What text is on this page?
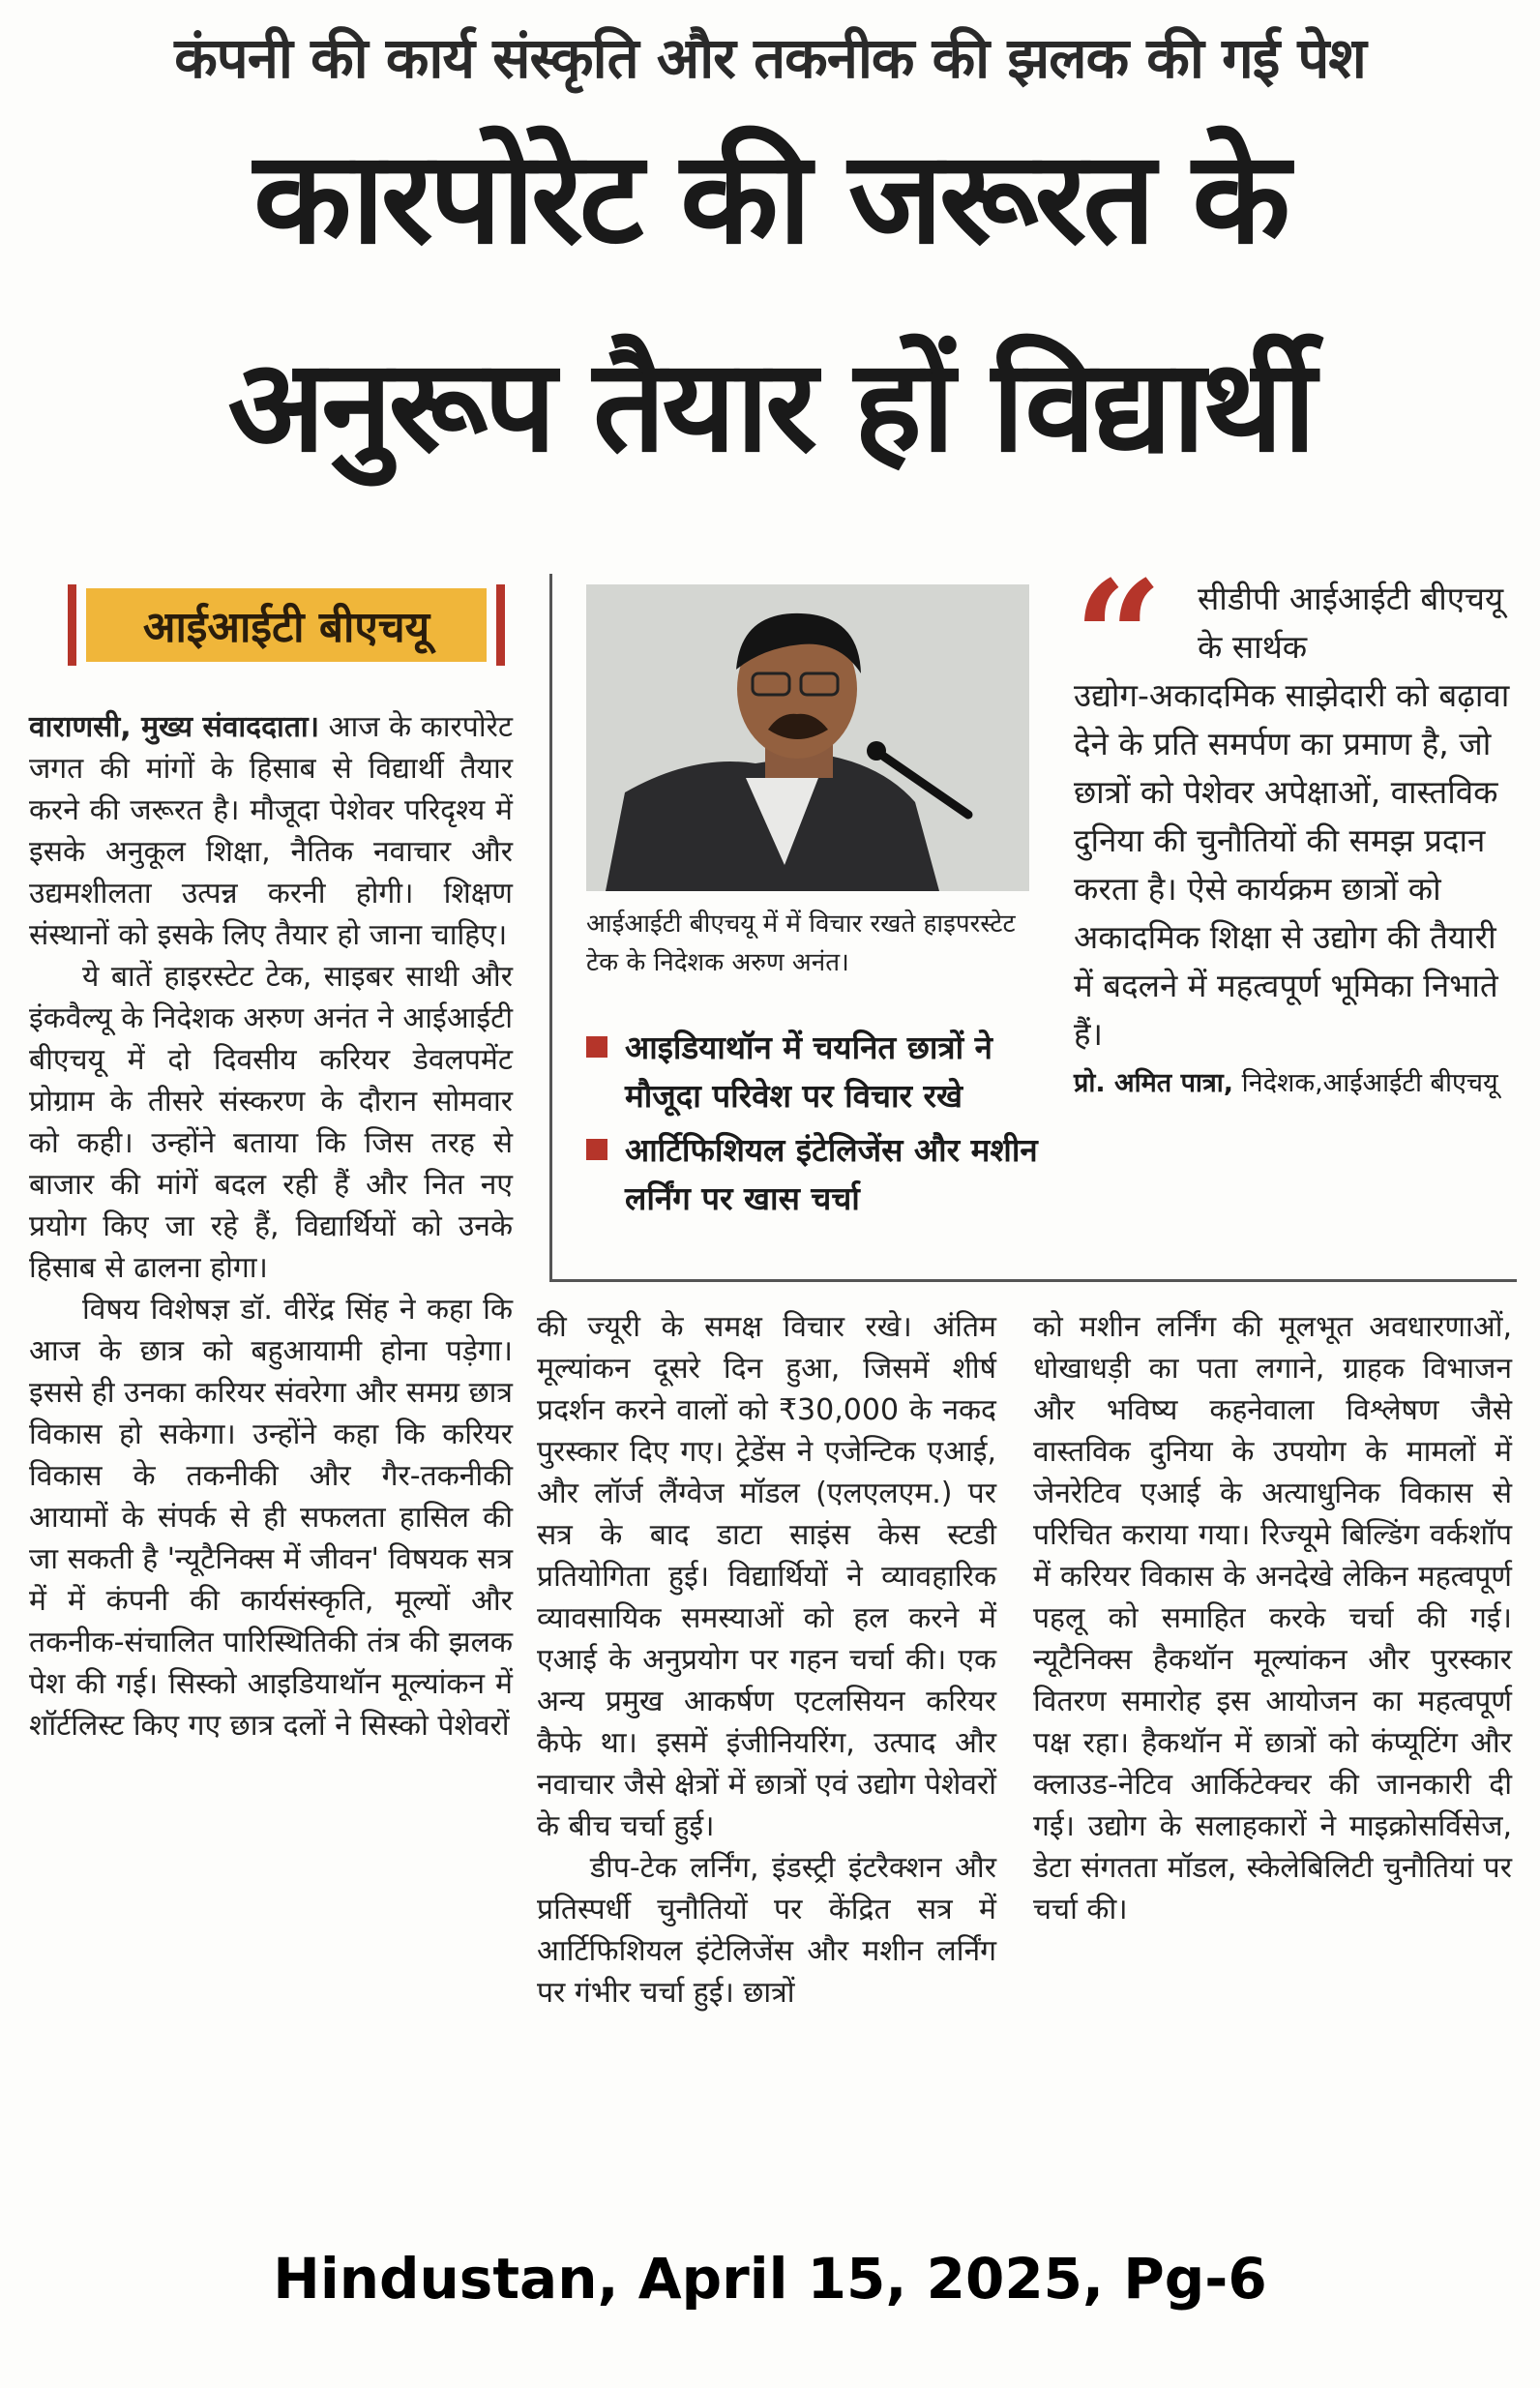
कंपनी की कार्य संस्कृति और तकनीक की झलक की गई पेश
कारपोरेट की जरूरत के
अनुरूप तैयार हों विद्यार्थी
आईआईटी बीएचयू

वाराणसी, मुख्य संवाददाता। आज के कारपोरेट जगत की मांगों के हिसाब से विद्यार्थी तैयार करने की जरूरत है। मौजूदा पेशेवर परिदृश्य में इसके अनुकूल शिक्षा, नैतिक नवाचार और उद्यमशीलता उत्पन्न करनी होगी। शिक्षण संस्थानों को इसके लिए तैयार हो जाना चाहिए।

ये बातें हाइरस्टेट टेक, साइबर साथी और इंकवैल्यू के निदेशक अरुण अनंत ने आईआईटी बीएचयू में दो दिवसीय करियर डेवलपमेंट प्रोग्राम के तीसरे संस्करण के दौरान सोमवार को कही। उन्होंने बताया कि जिस तरह से बाजार की मांगें बदल रही हैं और नित नए प्रयोग किए जा रहे हैं, विद्यार्थियों को उनके हिसाब से ढालना होगा।

विषय विशेषज्ञ डॉ. वीरेंद्र सिंह ने कहा कि आज के छात्र को बहुआयामी होना पड़ेगा। इससे ही उनका करियर संवरेगा और समग्र छात्र विकास हो सकेगा। उन्होंने कहा कि करियर विकास के तकनीकी और गैर-तकनीकी आयामों के संपर्क से ही सफलता हासिल की जा सकती है 'न्यूटैनिक्स में जीवन' विषयक सत्र में में कंपनी की कार्यसंस्कृति, मूल्यों और तकनीक-संचालित पारिस्थितिकी तंत्र की झलक पेश की गई। सिस्को आइडियाथॉन मूल्यांकन में शॉर्टलिस्ट किए गए छात्र दलों ने सिस्को पेशेवरों

आईआईटी बीएचयू में में विचार रखते हाइपरस्टेट टेक के निदेशक अरुण अनंत।
आइडियाथॉन में चयनित छात्रों ने मौजूदा परिवेश पर विचार रखे
आर्टिफिशियल इंटेलिजेंस और मशीन लर्निंग पर खास चर्चा
“	सीडीपी आईआईटी बीएचयू के सार्थक
उद्योग-अकादमिक साझेदारी को बढ़ावा देने के प्रति समर्पण का प्रमाण है, जो छात्रों को पेशेवर अपेक्षाओं, वास्तविक दुनिया की चुनौतियों की समझ प्रदान करता है। ऐसे कार्यक्रम छात्रों को अकादमिक शिक्षा से उद्योग की तैयारी में बदलने में महत्वपूर्ण भूमिका निभाते हैं।
प्रो. अमित पात्रा, निदेशक,आईआईटी बीएचयू

की ज्यूरी के समक्ष विचार रखे। अंतिम मूल्यांकन दूसरे दिन हुआ, जिसमें शीर्ष प्रदर्शन करने वालों को ₹30,000 के नकद पुरस्कार दिए गए। ट्रेडेंस ने एजेन्टिक एआई, और लॉर्ज लैंग्वेज मॉडल (एलएलएम.) पर सत्र के बाद डाटा साइंस केस स्टडी प्रतियोगिता हुई। विद्यार्थियों ने व्यावहारिक व्यावसायिक समस्याओं को हल करने में एआई के अनुप्रयोग पर गहन चर्चा की। एक अन्य प्रमुख आकर्षण एटलसियन करियर कैफे था। इसमें इंजीनियरिंग, उत्पाद और नवाचार जैसे क्षेत्रों में छात्रों एवं उद्योग पेशेवरों के बीच चर्चा हुई।

डीप-टेक लर्निंग, इंडस्ट्री इंटरैक्शन और प्रतिस्पर्धी चुनौतियों पर केंद्रित सत्र में आर्टिफिशियल इंटेलिजेंस और मशीन लर्निंग पर गंभीर चर्चा हुई। छात्रों

को मशीन लर्निंग की मूलभूत अवधारणाओं, धोखाधड़ी का पता लगाने, ग्राहक विभाजन और भविष्य कहनेवाला विश्लेषण जैसे वास्तविक दुनिया के उपयोग के मामलों में जेनरेटिव एआई के अत्याधुनिक विकास से परिचित कराया गया। रिज्यूमे बिल्डिंग वर्कशॉप में करियर विकास के अनदेखे लेकिन महत्वपूर्ण पहलू को समाहित करके चर्चा की गई। न्यूटैनिक्स हैकथॉन मूल्यांकन और पुरस्कार वितरण समारोह इस आयोजन का महत्वपूर्ण पक्ष रहा। हैकथॉन में छात्रों को कंप्यूटिंग और क्लाउड-नेटिव आर्किटेक्चर की जानकारी दी गई। उद्योग के सलाहकारों ने माइक्रोसर्विसेज, डेटा संगतता मॉडल, स्केलेबिलिटी चुनौतियां पर चर्चा की।

Hindustan, April 15, 2025, Pg-6
